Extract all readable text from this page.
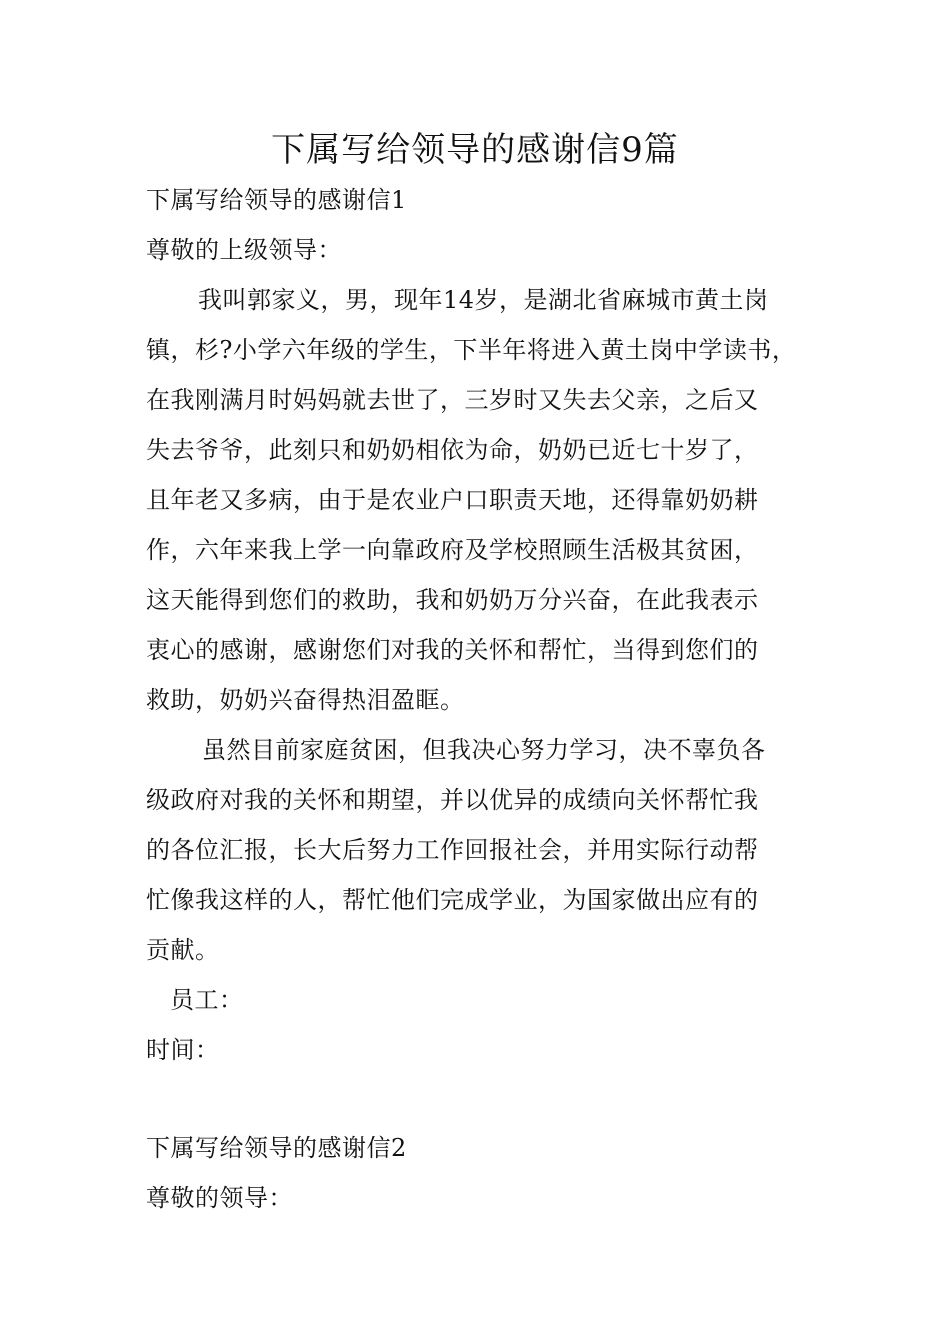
下属写给领导的感谢信9篇
下属写给领导的感谢信1
尊敬的上级领导：
我叫郭家义，男，现年14岁，是湖北省麻城市黄土岗
镇，杉?小学六年级的学生，下半年将进入黄土岗中学读书，
在我刚满月时妈妈就去世了，三岁时又失去父亲，之后又
失去爷爷，此刻只和奶奶相依为命，奶奶已近七十岁了，
且年老又多病，由于是农业户口职责天地，还得靠奶奶耕
作，六年来我上学一向靠政府及学校照顾生活极其贫困，
这天能得到您们的救助，我和奶奶万分兴奋，在此我表示
衷心的感谢，感谢您们对我的关怀和帮忙，当得到您们的
救助，奶奶兴奋得热泪盈眶。
虽然目前家庭贫困，但我决心努力学习，决不辜负各
级政府对我的关怀和期望，并以优异的成绩向关怀帮忙我
的各位汇报，长大后努力工作回报社会，并用实际行动帮
忙像我这样的人，帮忙他们完成学业，为国家做出应有的
贡献。
员工：
时间：
下属写给领导的感谢信2
尊敬的领导：
